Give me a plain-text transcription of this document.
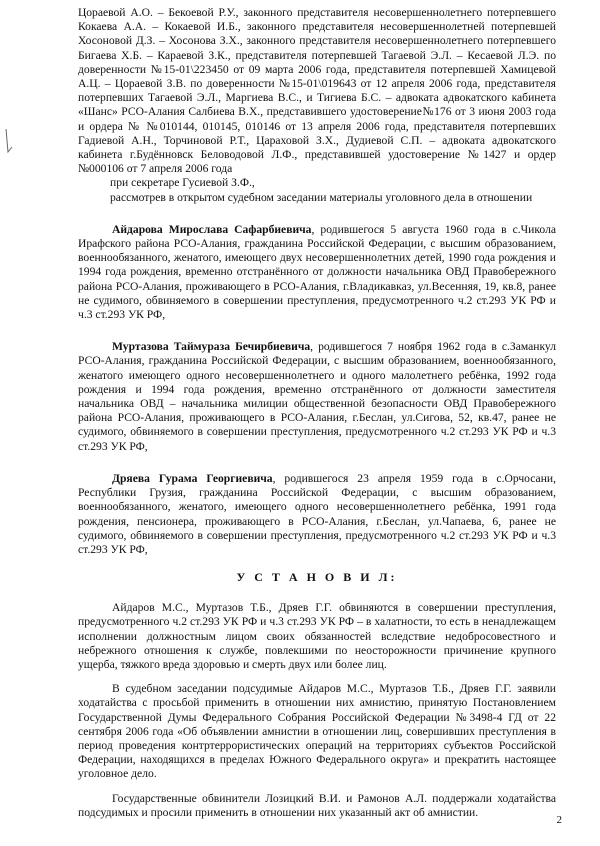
Цораевой А.О. – Бекоевой Р.У., законного представителя несовершеннолетнего потерпевшего Кокаева А.А. – Кокаевой И.Б., законного представителя несовершеннолетней потерпевшей Хосоновой Д.З. – Хосонова З.Х., законного представителя несовершеннолетнего потерпевшего Бигаева Х.Б. – Караевой З.К., представителя потерпевшей Тагаевой Э.Л. – Кесаевой Л.Э. по доверенности №15-01\223450 от 09 марта 2006 года, представителя потерпевшей Хамицевой А.Ц. – Цораевой З.В. по доверенности №15-01\019643 от 12 апреля 2006 года, представителя потерпевших Тагаевой Э.Л., Маргиева В.С., и Тигиева Б.С. – адвоката адвокатского кабинета «Шанс» РСО-Алания Салбиева В.Х., представившего удостоверение№176 от 3 июня 2003 года и ордера № №010144, 010145, 010146 от 13 апреля 2006 года, представителя потерпевших Гадиевой А.Н., Торчиновой Р.Т., Цараховой З.Х., Дудиевой С.П. – адвоката адвокатского кабинета г.Будённовск Беловодовой Л.Ф., представившей удостоверение №1427 и ордер №000106 от 7 апреля 2006 года

при секретаре Гусиевой З.Ф.,

рассмотрев в открытом судебном заседании материалы уголовного дела в отношении

Айдарова Мирослава Сафарбиевича, родившегося 5 августа 1960 года в с.Чикола Ирафского района РСО-Алания, гражданина Российской Федерации, с высшим образованием, военнообязанного, женатого, имеющего двух несовершеннолетних детей, 1990 года рождения и 1994 года рождения, временно отстранённого от должности начальника ОВД Правобережного района РСО-Алания, проживающего в РСО-Алания, г.Владикавказ, ул.Весенняя, 19, кв.8, ранее не судимого, обвиняемого в совершении преступления, предусмотренного ч.2 ст.293 УК РФ и ч.3 ст.293 УК РФ,

Муртазова Таймураза Бечирбиевича, родившегося 7 ноября 1962 года в с.Заманкул РСО-Алания, гражданина Российской Федерации, с высшим образованием, военнообязанного, женатого имеющего одного несовершеннолетнего и одного малолетнего ребёнка, 1992 года рождения и 1994 года рождения, временно отстранённого от должности заместителя начальника ОВД – начальника милиции общественной безопасности ОВД Правобережного района РСО-Алания, проживающего в РСО-Алания, г.Беслан, ул.Сигова, 52, кв.47, ранее не судимого, обвиняемого в совершении преступления, предусмотренного ч.2 ст.293 УК РФ и ч.3 ст.293 УК РФ,

Дряева Гурама Георгиевича, родившегося 23 апреля 1959 года в с.Орчосани, Республики Грузия, гражданина Российской Федерации, с высшим образованием, военнообязанного, женатого, имеющего одного несовершеннолетнего ребёнка, 1991 года рождения, пенсионера, проживающего в РСО-Алания, г.Беслан, ул.Чапаева, 6, ранее не судимого, обвиняемого в совершении преступления, предусмотренного ч.2 ст.293 УК РФ и ч.3 ст.293 УК РФ,

У С Т А Н О В И Л:

Айдаров М.С., Муртазов Т.Б., Дряев Г.Г. обвиняются в совершении преступления, предусмотренного ч.2 ст.293 УК РФ и ч.3 ст.293 УК РФ – в халатности, то есть в ненадлежащем исполнении должностным лицом своих обязанностей вследствие недобросовестного и небрежного отношения к службе, повлекшими по неосторожности причинение крупного ущерба, тяжкого вреда здоровью и смерть двух или более лиц.

В судебном заседании подсудимые Айдаров М.С., Муртазов Т.Б., Дряев Г.Г. заявили ходатайства с просьбой применить в отношении них амнистию, принятую Постановлением Государственной Думы Федерального Собрания Российской Федерации №3498-4 ГД от 22 сентября 2006 года «Об объявлении амнистии в отношении лиц, совершивших преступления в период проведения контртеррористических операций на территориях субъектов Российской Федерации, находящихся в пределах Южного Федерального округа» и прекратить настоящее уголовное дело.

Государственные обвинители Лозицкий В.И. и Рамонов А.Л. поддержали ходатайства подсудимых и просили применить в отношении них указанный акт об амнистии.

2
